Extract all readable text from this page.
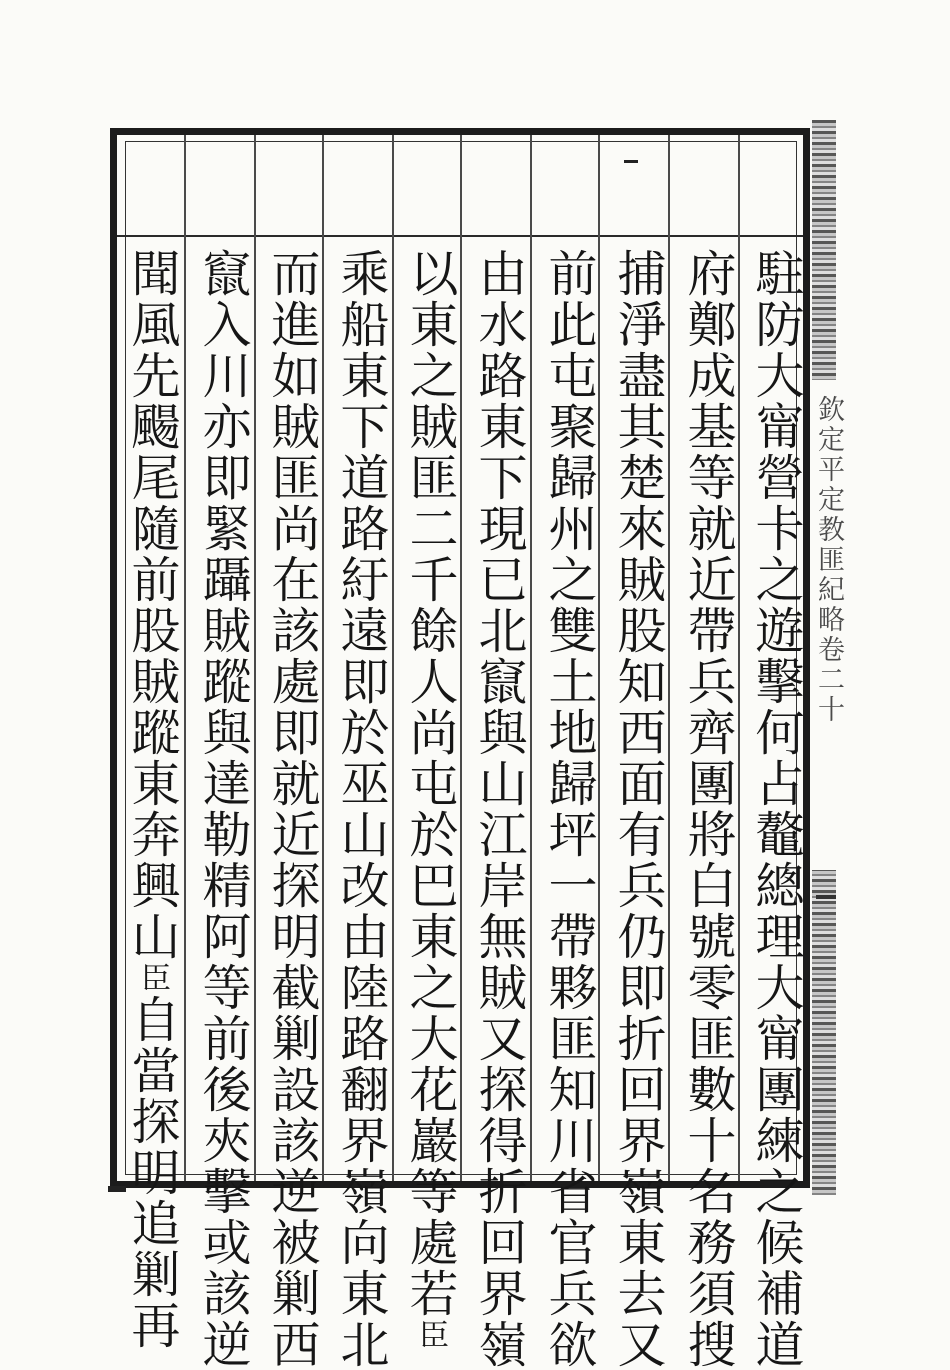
欽定平定教匪紀略卷二十
駐防大甯營卡之遊擊何占鼇總理大甯團練之候補道
府鄭成基等就近帶兵齊團將白號零匪數十名務須搜
捕淨盡其楚來賊股知西面有兵仍即折回界嶺東去又
前此屯聚歸州之雙土地歸坪一帶夥匪知川省官兵欲
由水路東下現已北竄與山江岸無賊又探得折回界嶺
以東之賊匪二千餘人尚屯於巴東之大花巖等處若臣
乘船東下道路紆遠即於巫山改由陸路翻界嶺向東北
而進如賊匪尚在該處即就近探明截剿設該逆被剿西
竄入川亦即緊躡賊蹤與達勒精阿等前後夾擊或該逆
聞風先颺尾隨前股賊蹤東奔興山臣自當探明追剿再
